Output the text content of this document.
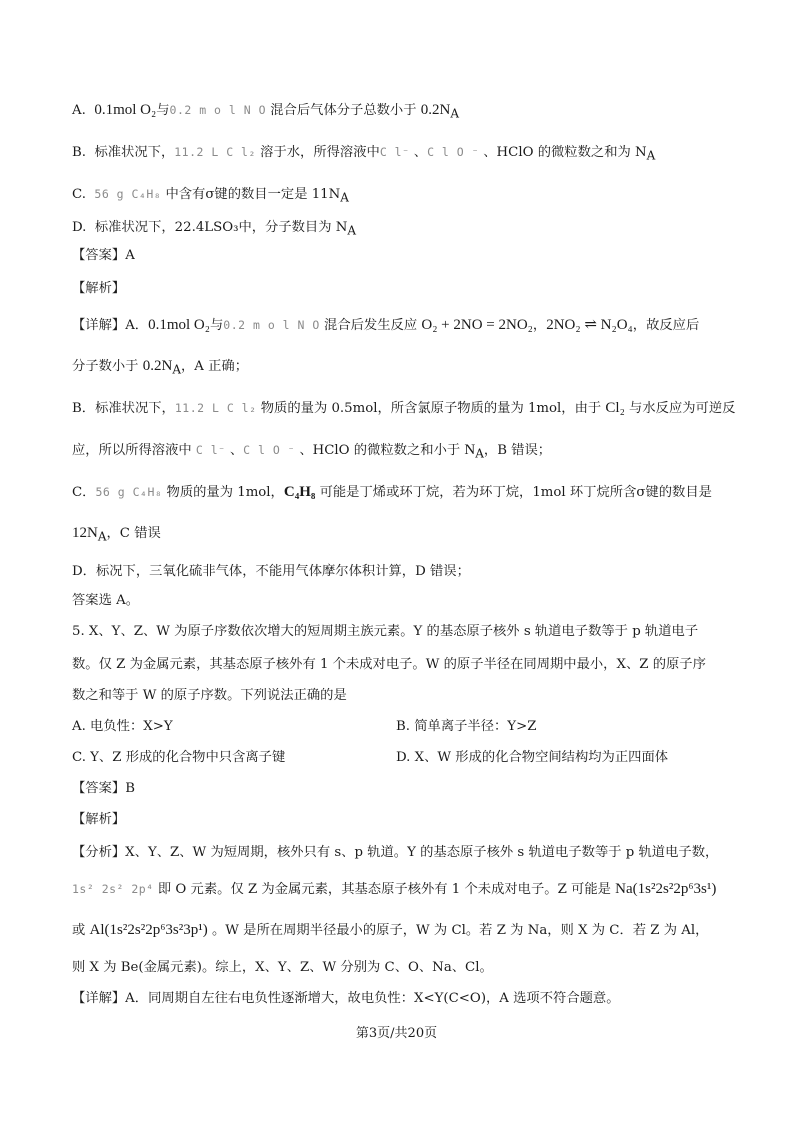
A. 0.1mol O₂与0.2 m o l N O 混合后气体分子总数小于 $0.2N_A$
B. 标准状况下，11.2 L C l₂ 溶于水，所得溶液中C l⁻ 、C l O ⁻ 、HClO 的微粒数之和为 $N_A$
C. 56 g C₄H₈ 中含有σ键的数目一定是 $11N_A$
D. 标准状况下，22.4LSO₃中，分子数目为 $N_A$
【答案】A
【解析】
【详解】A．0.1mol O₂与0.2 m o l N O 混合后发生反应 O₂ + 2NO = 2NO₂，2NO₂ ⇌ N₂O₄，故反应后
分子数小于 $0.2N_A$，A 正确；
B．标准状况下，11.2 L C l₂ 物质的量为 0.5mol，所含氯原子物质的量为 1mol，由于 Cl₂ 与水反应为可逆反
应，所以所得溶液中 C l⁻ 、C l O ⁻ 、HClO 的微粒数之和小于 $N_A$，B 错误；
C．56 g C₄H₈ 物质的量为 1mol，C₄H₈ 可能是丁烯或环丁烷，若为环丁烷，1mol 环丁烷所含σ键的数目是
$12N_A$，C 错误
D．标况下，三氧化硫非气体，不能用气体摩尔体积计算，D 错误；
答案选 A。
5. X、Y、Z、W 为原子序数依次增大的短周期主族元素。Y 的基态原子核外 s 轨道电子数等于 p 轨道电子
数。仅 Z 为金属元素，其基态原子核外有 1 个未成对电子。W 的原子半径在同周期中最小，X、Z 的原子序
数之和等于 W 的原子序数。下列说法正确的是
A. 电负性：X>Y	B. 简单离子半径：Y>Z
C. Y、Z 形成的化合物中只含离子键	D. X、W 形成的化合物空间结构均为正四面体
【答案】B
【解析】
【分析】X、Y、Z、W 为短周期，核外只有 s、p 轨道。Y 的基态原子核外 s 轨道电子数等于 p 轨道电子数，
1s² 2s² 2p⁴ 即 O 元素。仅 Z 为金属元素，其基态原子核外有 1 个未成对电子。Z 可能是 Na(1s²2s²2p⁶3s¹)
或 Al(1s²2s²2p⁶3s²3p¹) 。W 是所在周期半径最小的原子，W 为 Cl。若 Z 为 Na，则 X 为 C．若 Z 为 Al，
则 X 为 Be(金属元素)。综上，X、Y、Z、W 分别为 C、O、Na、Cl。
【详解】A．同周期自左往右电负性逐渐增大，故电负性：X<Y(C<O)，A 选项不符合题意。
第3页/共20页
